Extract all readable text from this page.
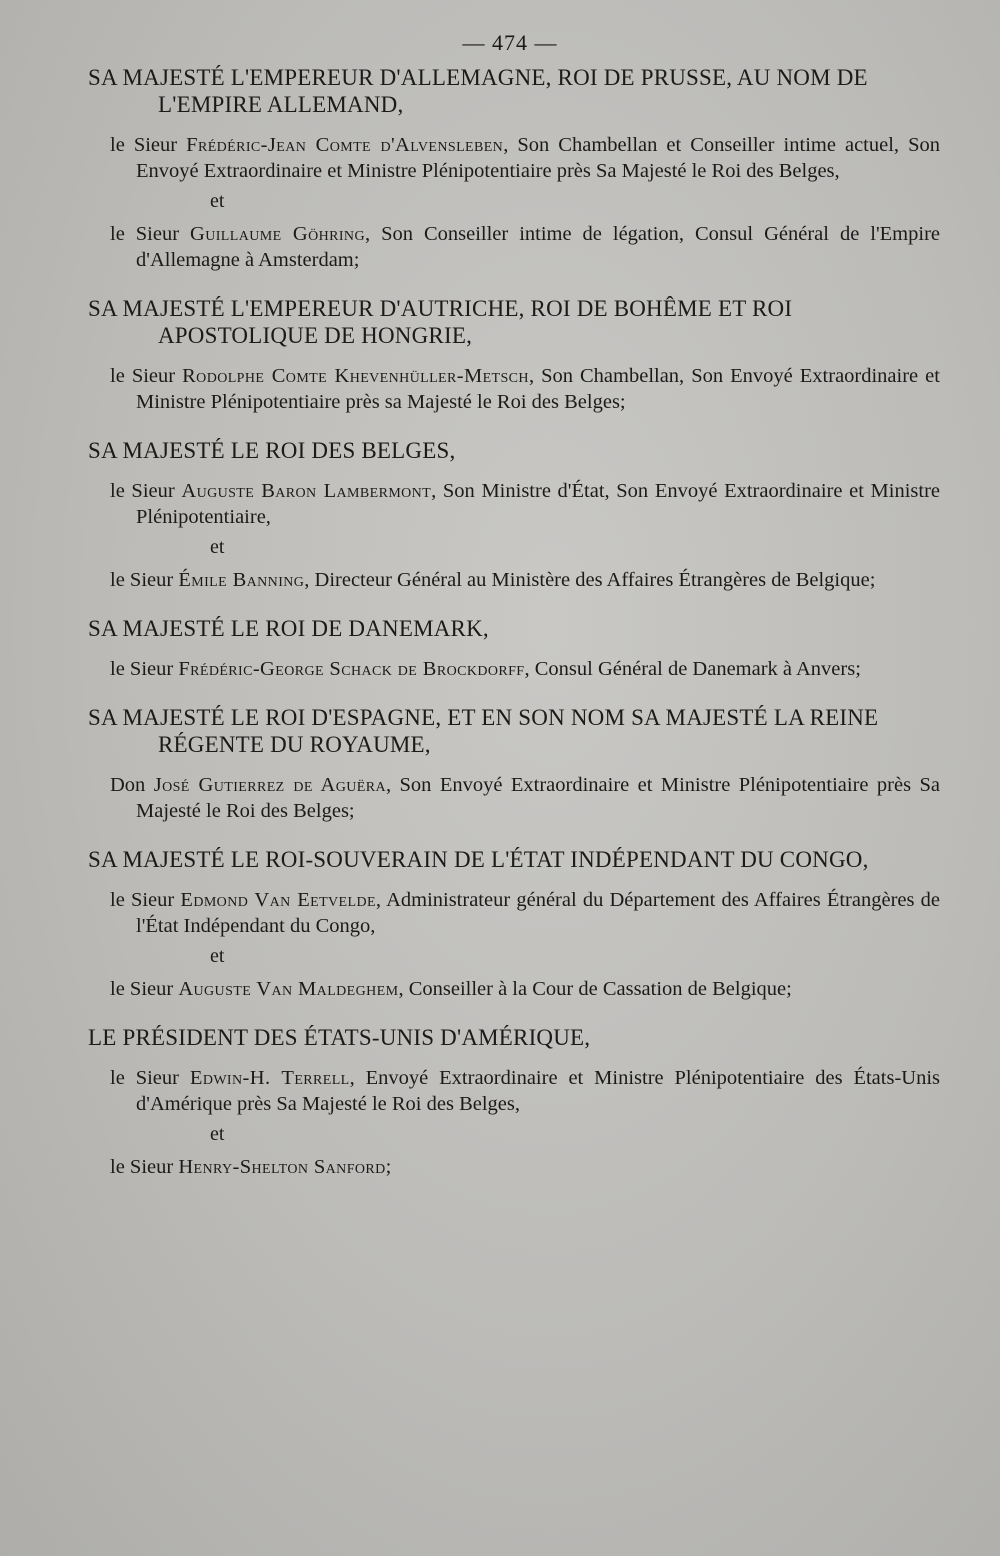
— 474 —
SA MAJESTÉ L'EMPEREUR D'ALLEMAGNE, ROI DE PRUSSE, AU NOM DE L'EMPIRE ALLEMAND,
le Sieur Frédéric-Jean Comte d'Alvensleben, Son Chambellan et Conseiller intime actuel, Son Envoyé Extraordinaire et Ministre Plénipotentiaire près Sa Majesté le Roi des Belges,
et
le Sieur Guillaume Göhring, Son Conseiller intime de légation, Consul Général de l'Empire d'Allemagne à Amsterdam;
SA MAJESTÉ L'EMPEREUR D'AUTRICHE, ROI DE BOHÊME ET ROI APOSTOLIQUE DE HONGRIE,
le Sieur Rodolphe Comte Khevenhüller-Metsch, Son Chambellan, Son Envoyé Extraordinaire et Ministre Plénipotentiaire près sa Majesté le Roi des Belges;
SA MAJESTÉ LE ROI DES BELGES,
le Sieur Auguste Baron Lambermont, Son Ministre d'État, Son Envoyé Extraordinaire et Ministre Plénipotentiaire,
et
le Sieur Émile Banning, Directeur Général au Ministère des Affaires Étrangères de Belgique;
SA MAJESTÉ LE ROI DE DANEMARK,
le Sieur Frédéric-George Schack de Brockdorff, Consul Général de Danemark à Anvers;
SA MAJESTÉ LE ROI D'ESPAGNE, ET EN SON NOM SA MAJESTÉ LA REINE RÉGENTE DU ROYAUME,
Don José Gutierrez de Aguëra, Son Envoyé Extraordinaire et Ministre Plénipotentiaire près Sa Majesté le Roi des Belges;
SA MAJESTÉ LE ROI-SOUVERAIN DE L'ÉTAT INDÉPENDANT DU CONGO,
le Sieur Edmond Van Eetvelde, Administrateur général du Département des Affaires Étrangères de l'État Indépendant du Congo,
et
le Sieur Auguste Van Maldeghem, Conseiller à la Cour de Cassation de Belgique;
LE PRÉSIDENT DES ÉTATS-UNIS D'AMÉRIQUE,
le Sieur Edwin-H. Terrell, Envoyé Extraordinaire et Ministre Plénipotentiaire des États-Unis d'Amérique près Sa Majesté le Roi des Belges,
et
le Sieur Henry-Shelton Sanford;
